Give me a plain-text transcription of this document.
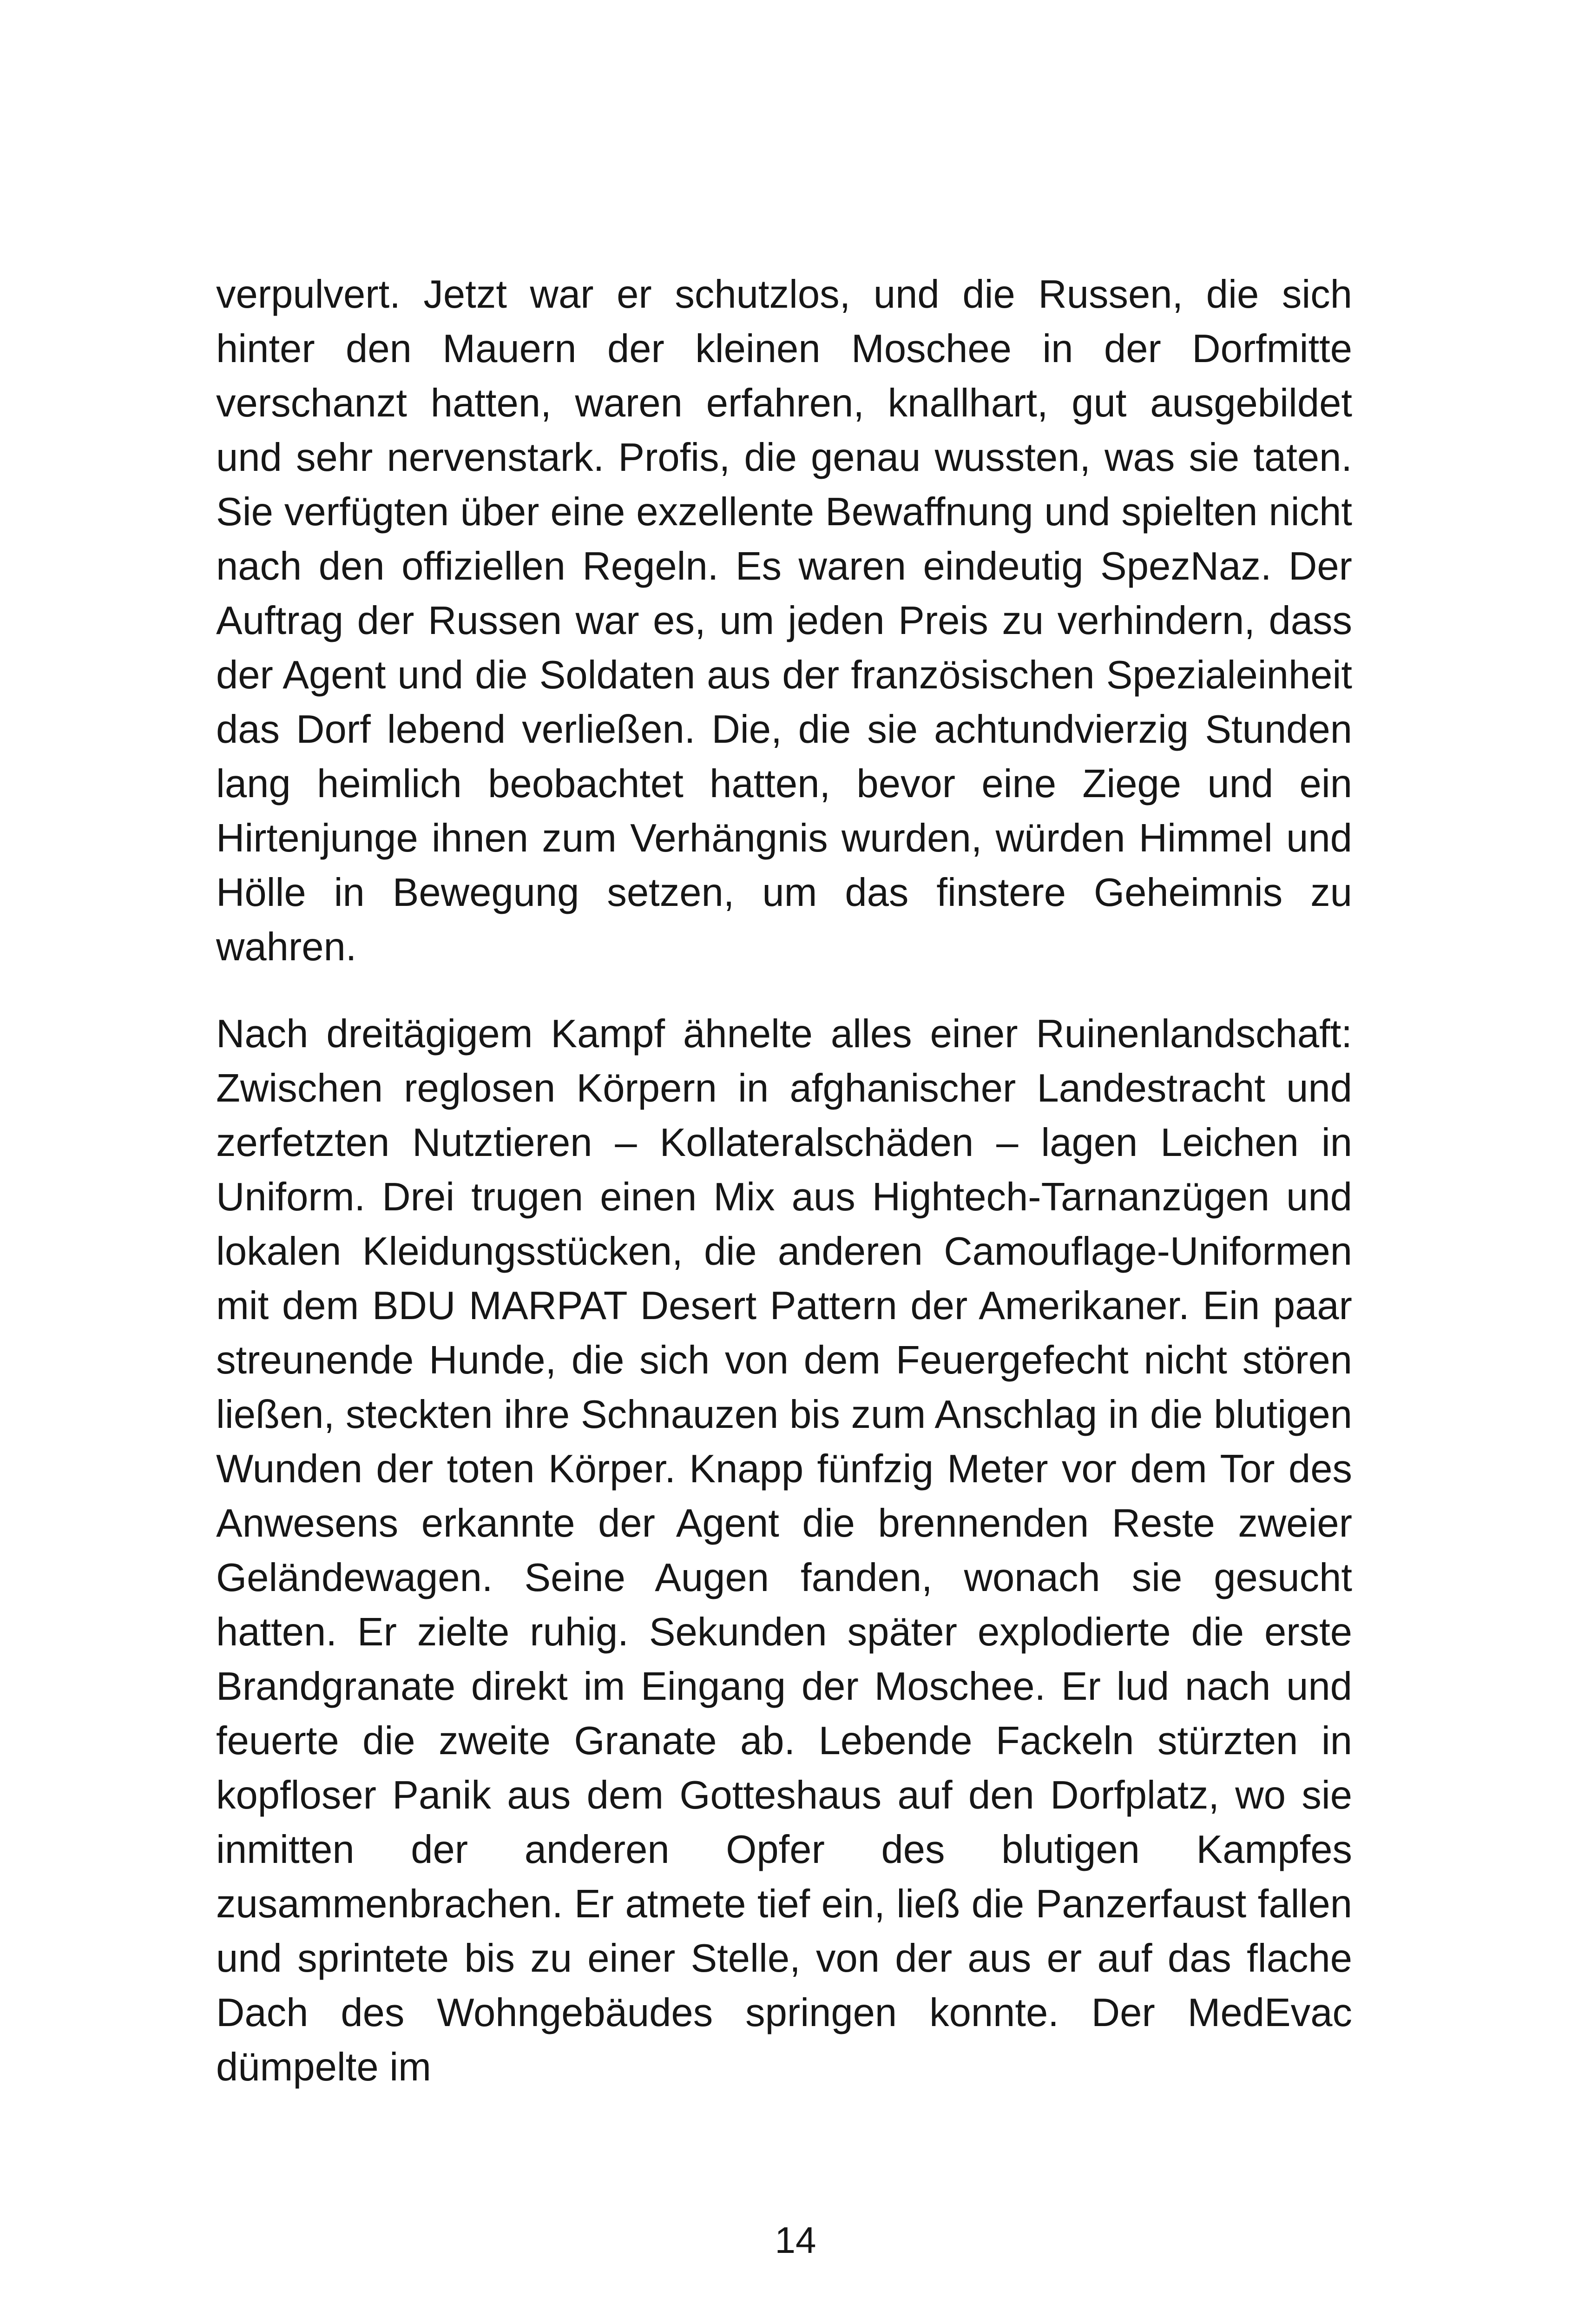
verpulvert. Jetzt war er schutzlos, und die Russen, die sich hinter den Mauern der kleinen Moschee in der Dorfmitte verschanzt hatten, waren erfahren, knallhart, gut ausgebildet und sehr nervenstark. Profis, die genau wussten, was sie taten. Sie verfügten über eine exzellente Bewaffnung und spielten nicht nach den offiziellen Regeln. Es waren eindeutig SpezNaz. Der Auftrag der Russen war es, um jeden Preis zu verhindern, dass der Agent und die Soldaten aus der französischen Spezialeinheit das Dorf lebend verließen. Die, die sie achtundvierzig Stunden lang heimlich beobachtet hatten, bevor eine Ziege und ein Hirtenjunge ihnen zum Verhängnis wurden, würden Himmel und Hölle in Bewegung setzen, um das finstere Geheimnis zu wahren.

Nach dreitägigem Kampf ähnelte alles einer Ruinenlandschaft: Zwischen reglosen Körpern in afghanischer Landestracht und zerfetzten Nutztieren – Kollateralschäden – lagen Leichen in Uniform. Drei trugen einen Mix aus Hightech-Tarnanzügen und lokalen Kleidungsstücken, die anderen Camouflage-Uniformen mit dem BDU MARPAT Desert Pattern der Amerikaner. Ein paar streunende Hunde, die sich von dem Feuergefecht nicht stören ließen, steckten ihre Schnauzen bis zum Anschlag in die blutigen Wunden der toten Körper. Knapp fünfzig Meter vor dem Tor des Anwesens erkannte der Agent die brennenden Reste zweier Geländewagen. Seine Augen fanden, wonach sie gesucht hatten. Er zielte ruhig. Sekunden später explodierte die erste Brandgranate direkt im Eingang der Moschee. Er lud nach und feuerte die zweite Granate ab. Lebende Fackeln stürzten in kopfloser Panik aus dem Gotteshaus auf den Dorfplatz, wo sie inmitten der anderen Opfer des blutigen Kampfes zusammenbrachen. Er atmete tief ein, ließ die Panzerfaust fallen und sprintete bis zu einer Stelle, von der aus er auf das flache Dach des Wohngebäudes springen konnte. Der MedEvac dümpelte im

14
